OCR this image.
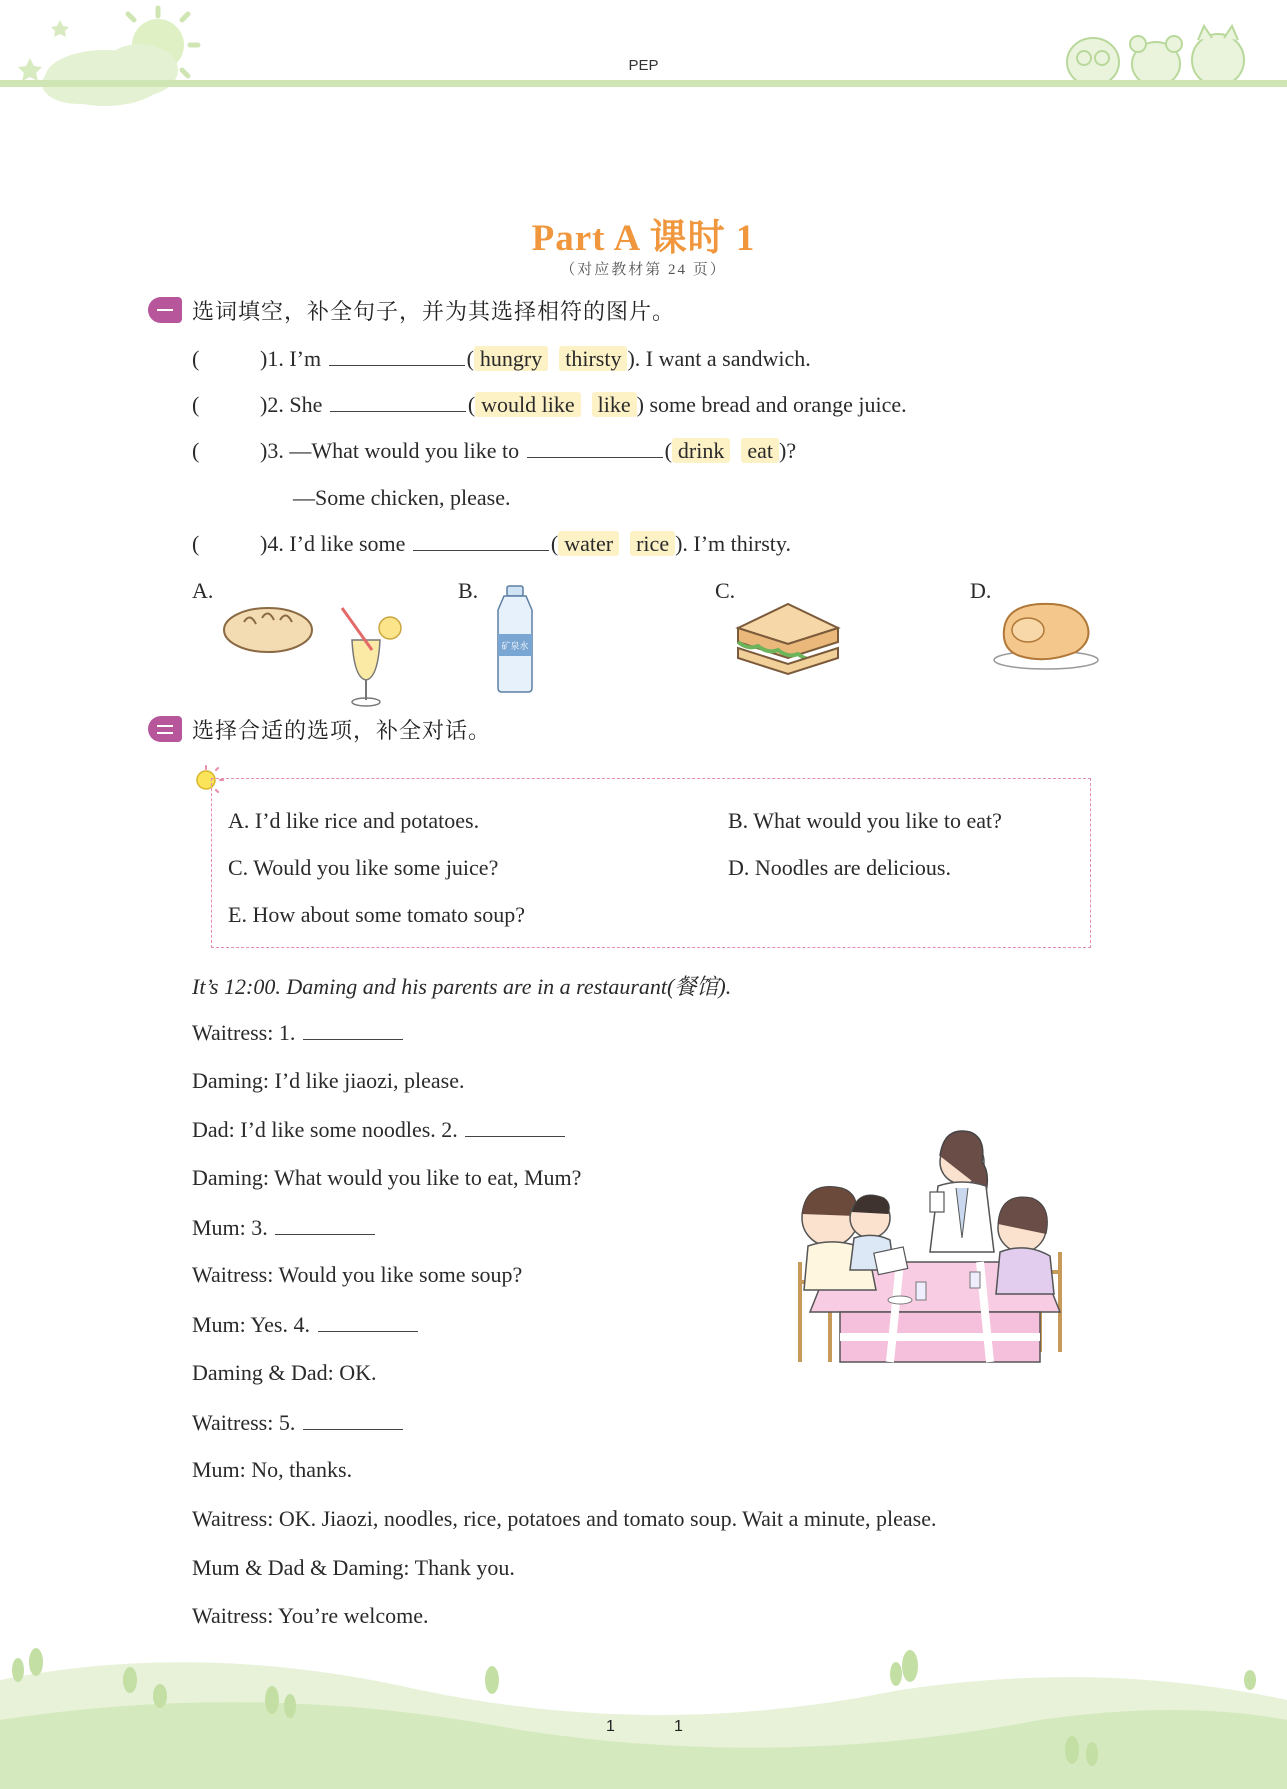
PEP
Part A 课时 1
（对应教材第 24 页）
选词填空，补全句子，并为其选择相符的图片。
(	)1. I’m	( hungry thirsty ). I want a sandwich.
(	)2. She	( would like like ) some bread and orange juice.
(	)3. —What would you like to	( drink eat )?
—Some chicken, please.
(	)4. I’d like some	( water rice ). I’m thirsty.
A.	B.
矿泉水
C.	D.
选择合适的选项，补全对话。
A. I’d like rice and potatoes.	B. What would you like to eat?
C. Would you like some juice?	D. Noodles are delicious.
E. How about some tomato soup?
It’s 12:00. Daming and his parents are in a restaurant(餐馆).
Waitress: 1.
Daming: I’d like jiaozi, please.
Dad: I’d like some noodles. 2.
Daming: What would you like to eat, Mum?
Mum: 3.
Waitress: Would you like some soup?
Mum: Yes. 4.
Daming & Dad: OK.
Waitress: 5.
Mum: No, thanks.
Waitress: OK. Jiaozi, noodles, rice, potatoes and tomato soup. Wait a minute, please.
Mum & Dad & Daming: Thank you.
Waitress: You’re welcome.
1	1
